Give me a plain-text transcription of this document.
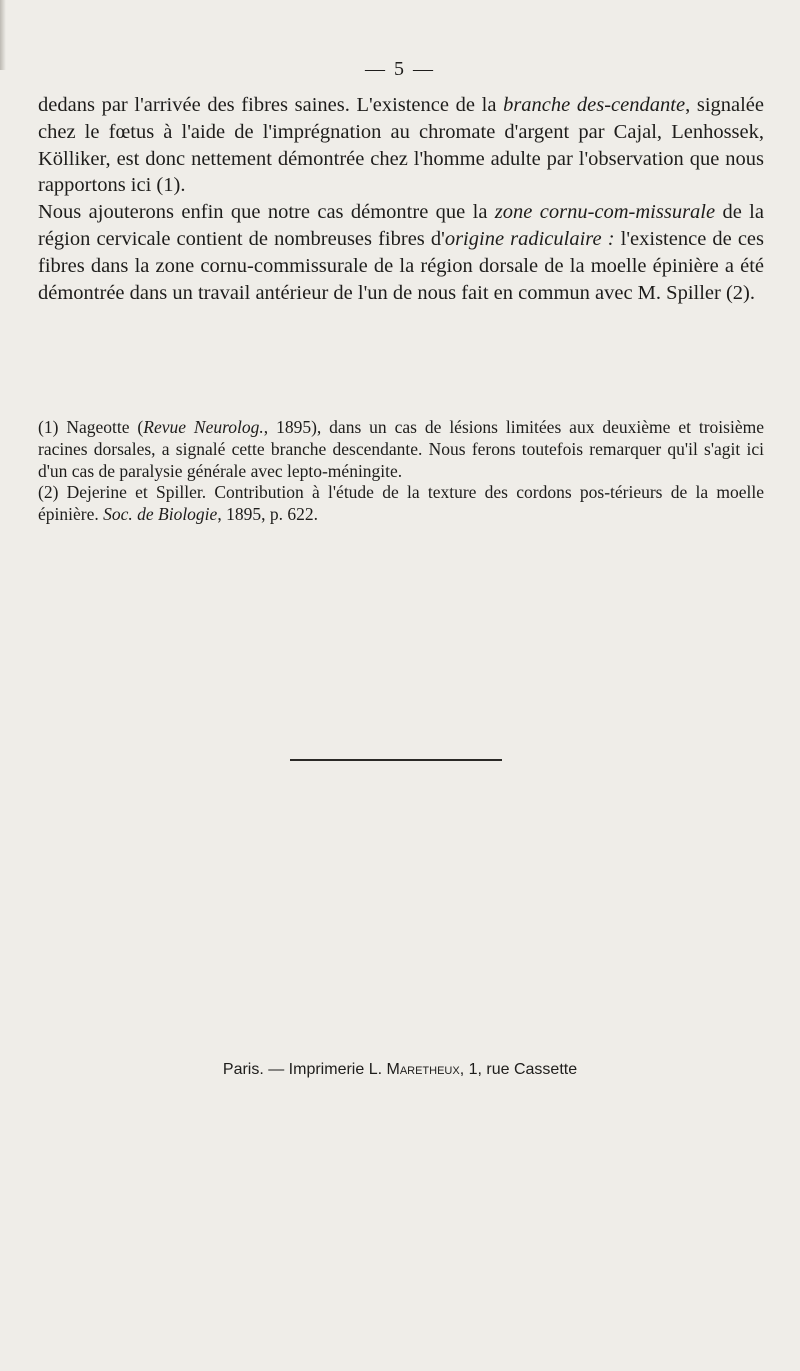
— 5 —

dedans par l'arrivée des fibres saines. L'existence de la branche des-cendante, signalée chez le fœtus à l'aide de l'imprégnation au chromate d'argent par Cajal, Lenhossek, Kölliker, est donc nettement démontrée chez l'homme adulte par l'observation que nous rapportons ici (1).

Nous ajouterons enfin que notre cas démontre que la zone cornu-com-missurale de la région cervicale contient de nombreuses fibres d'origine radiculaire : l'existence de ces fibres dans la zone cornu-commissurale de la région dorsale de la moelle épinière a été démontrée dans un travail antérieur de l'un de nous fait en commun avec M. Spiller (2).

(1) Nageotte (Revue Neurolog., 1895), dans un cas de lésions limitées aux deuxième et troisième racines dorsales, a signalé cette branche descendante. Nous ferons toutefois remarquer qu'il s'agit ici d'un cas de paralysie générale avec lepto-méningite.

(2) Dejerine et Spiller. Contribution à l'étude de la texture des cordons pos-térieurs de la moelle épinière. Soc. de Biologie, 1895, p. 622.

Paris. — Imprimerie L. Maretheux, 1, rue Cassette
